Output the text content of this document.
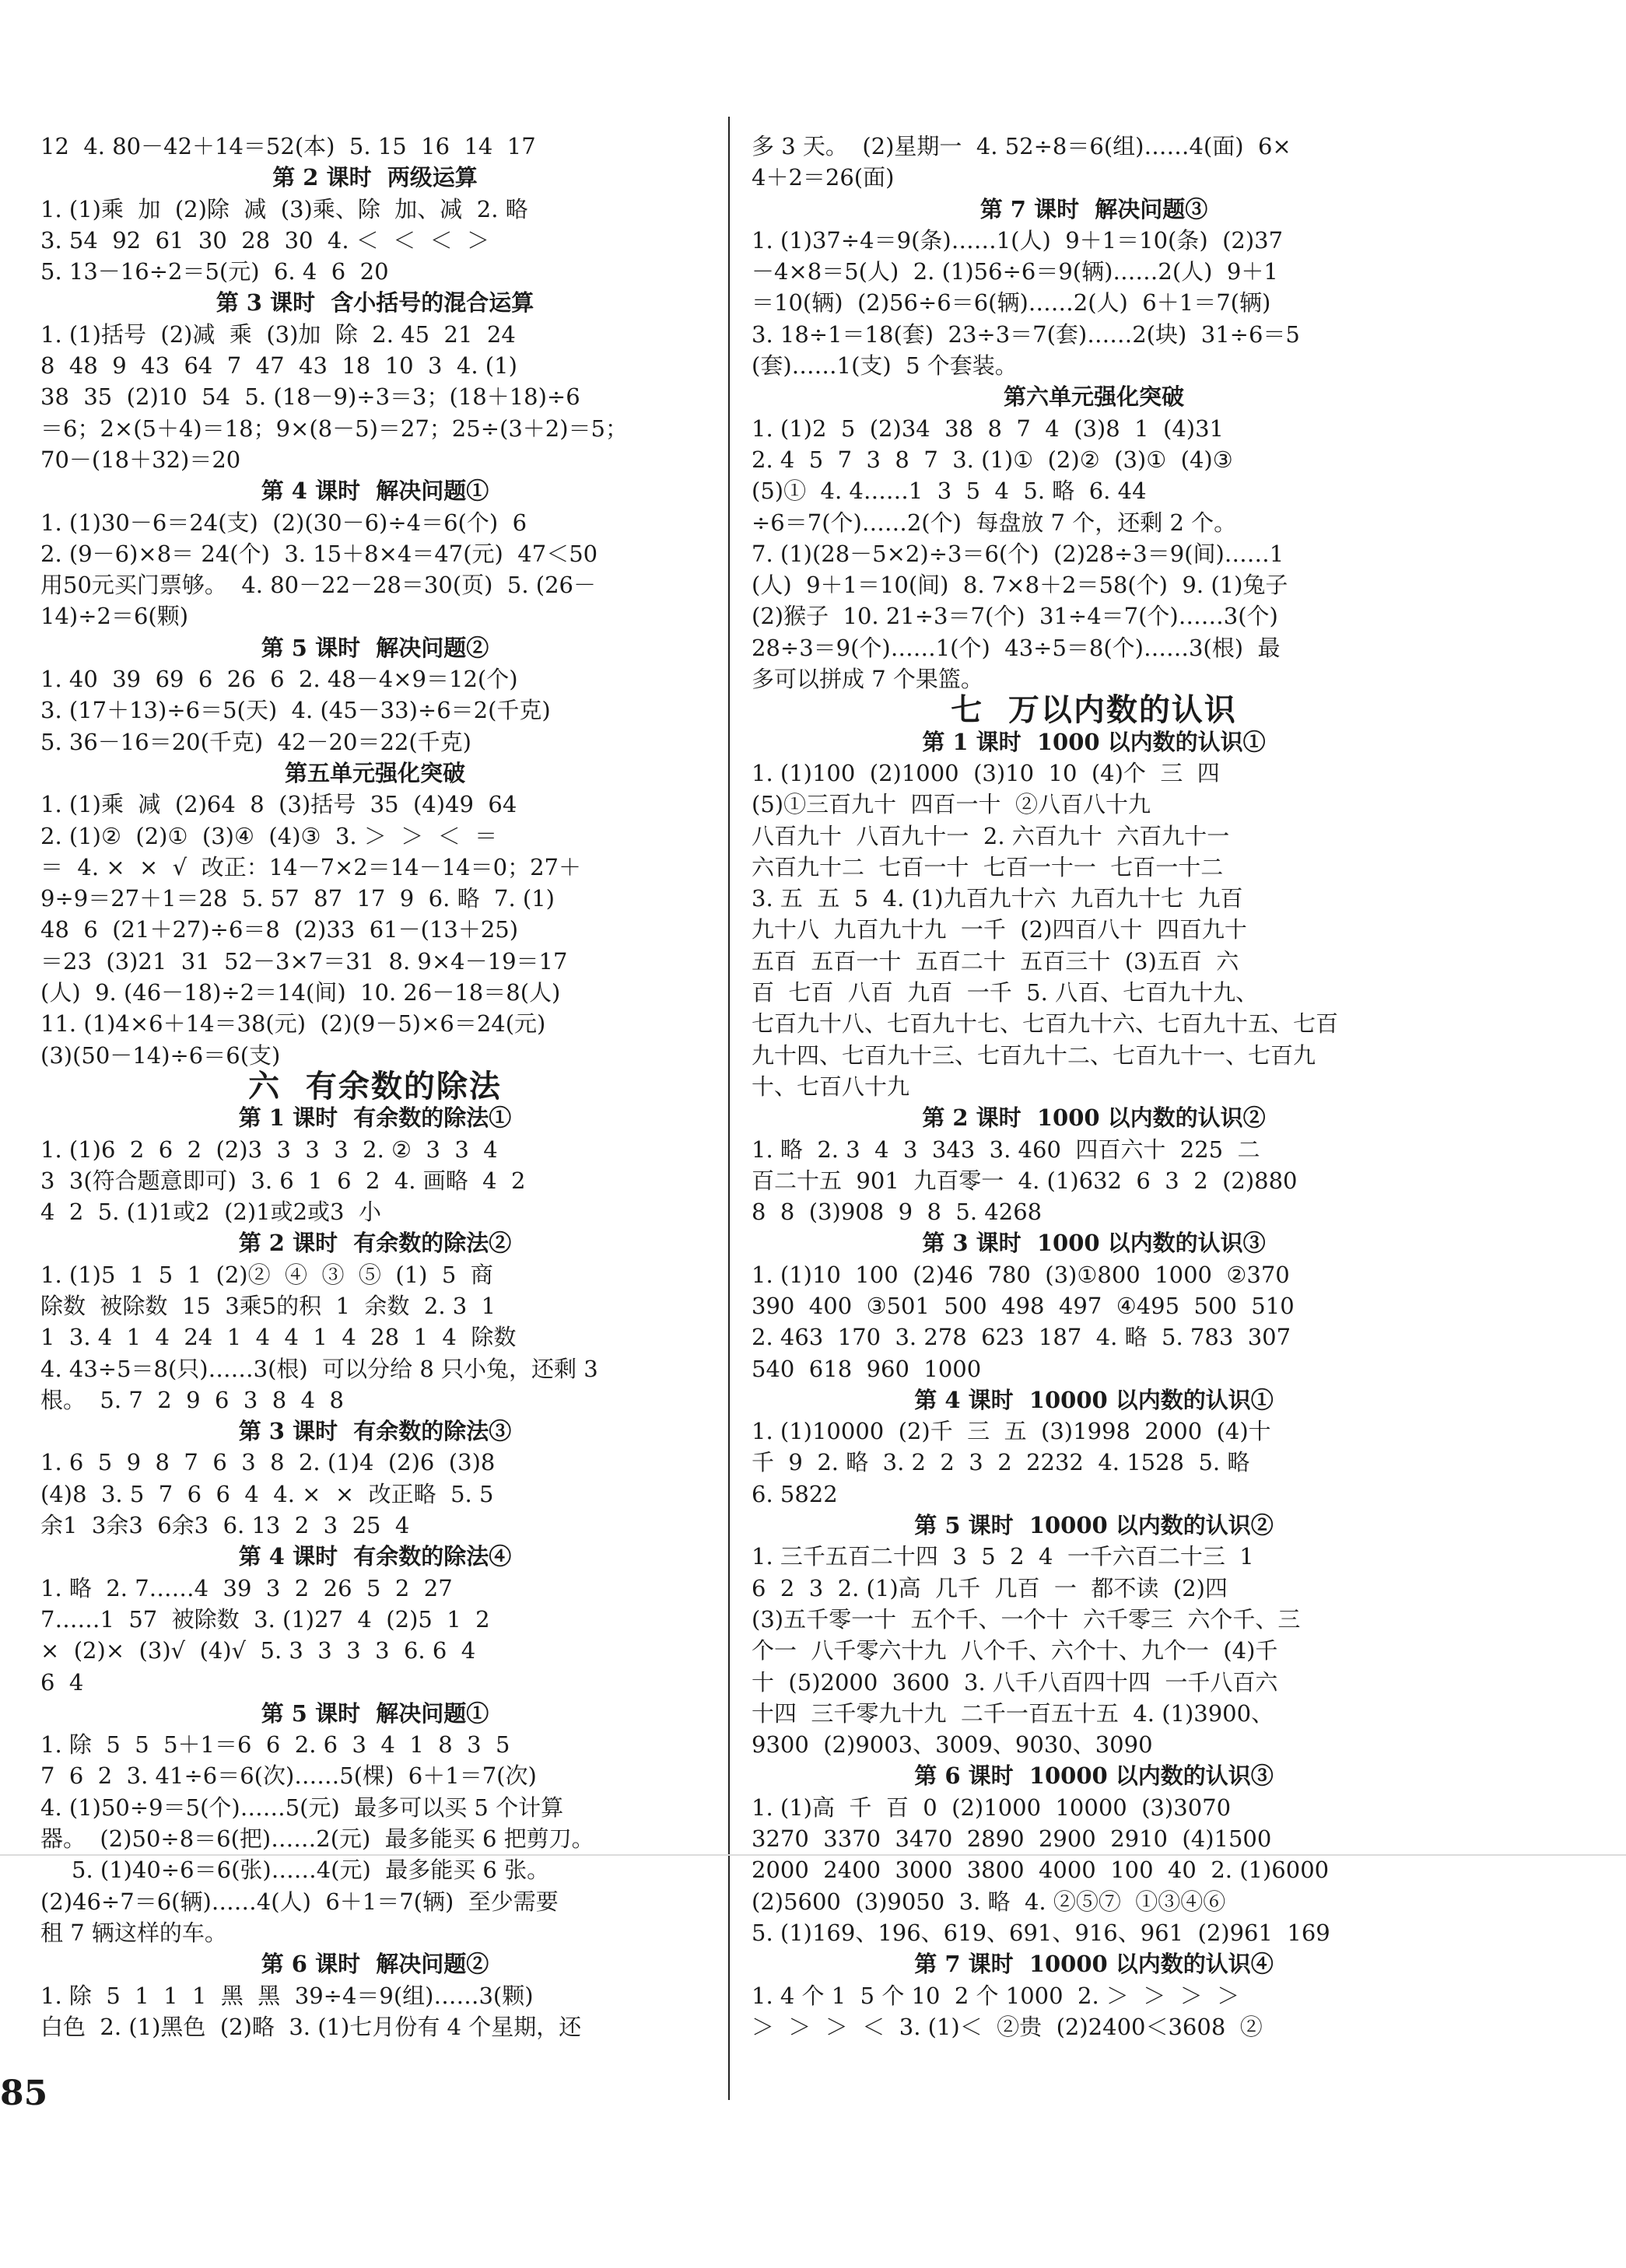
12  4. 80－42＋14＝52(本)  5. 15  16  14  17
第 2 课时  两级运算
1. (1)乘  加  (2)除  减  (3)乘、除  加、减  2. 略
3. 54  92  61  30  28  30  4. ＜  ＜  ＜  ＞
5. 13－16÷2＝5(元)  6. 4  6  20
第 3 课时  含小括号的混合运算
1. (1)括号  (2)减  乘  (3)加  除  2. 45  21  24
8  48  9  43  64  7  47  43  18  10  3  4. (1)
38  35  (2)10  54  5. (18－9)÷3＝3；(18＋18)÷6
＝6；2×(5＋4)＝18；9×(8－5)＝27；25÷(3＋2)＝5；
70－(18＋32)＝20
第 4 课时  解决问题①
1. (1)30－6＝24(支)  (2)(30－6)÷4＝6(个)  6
2. (9－6)×8＝ 24(个)  3. 15＋8×4＝47(元)  47＜50
用50元买门票够。  4. 80－22－28＝30(页)  5. (26－
14)÷2＝6(颗)
第 5 课时  解决问题②
1. 40  39  69  6  26  6  2. 48－4×9＝12(个)
3. (17＋13)÷6＝5(天)  4. (45－33)÷6＝2(千克)
5. 36－16＝20(千克)  42－20＝22(千克)
第五单元强化突破
1. (1)乘  减  (2)64  8  (3)括号  35  (4)49  64
2. (1)②  (2)①  (3)④  (4)③  3. ＞  ＞  ＜  ＝
＝  4. ×  ×  √  改正：14－7×2＝14－14＝0；27＋
9÷9＝27＋1＝28  5. 57  87  17  9  6. 略  7. (1)
48  6  (21＋27)÷6＝8  (2)33  61－(13＋25)
＝23  (3)21  31  52－3×7＝31  8. 9×4－19＝17
(人)  9. (46－18)÷2＝14(间)  10. 26－18＝8(人)
11. (1)4×6＋14＝38(元)  (2)(9－5)×6＝24(元)
(3)(50－14)÷6＝6(支)
六  有余数的除法
第 1 课时  有余数的除法①
1. (1)6  2  6  2  (2)3  3  3  3  2. ②  3  3  4
3  3(符合题意即可)  3. 6  1  6  2  4. 画略  4  2
4  2  5. (1)1或2  (2)1或2或3  小
第 2 课时  有余数的除法②
1. (1)5  1  5  1  (2)②  ④  ③  ⑤  (1)  5  商
除数  被除数  15  3乘5的积  1  余数  2. 3  1
1  3. 4  1  4  24  1  4  4  1  4  28  1  4  除数
4. 43÷5＝8(只)……3(根)  可以分给 8 只小兔，还剩 3
根。  5. 7  2  9  6  3  8  4  8
第 3 课时  有余数的除法③
1. 6  5  9  8  7  6  3  8  2. (1)4  (2)6  (3)8
(4)8  3. 5  7  6  6  4  4. ×  ×  改正略  5. 5
余1  3余3  6余3  6. 13  2  3  25  4
第 4 课时  有余数的除法④
1. 略  2. 7……4  39  3  2  26  5  2  27
7……1  57  被除数  3. (1)27  4  (2)5  1  2
×  (2)×  (3)√  (4)√  5. 3  3  3  3  6. 6  4
6  4
第 5 课时  解决问题①
1. 除  5  5  5＋1＝6  6  2. 6  3  4  1  8  3  5
7  6  2  3. 41÷6＝6(次)……5(棵)  6＋1＝7(次)
4. (1)50÷9＝5(个)……5(元)  最多可以买 5 个计算
器。  (2)50÷8＝6(把)……2(元)  最多能买 6 把剪刀。
5. (1)40÷6＝6(张)……4(元)  最多能买 6 张。
(2)46÷7＝6(辆)……4(人)  6＋1＝7(辆)  至少需要
租 7 辆这样的车。
第 6 课时  解决问题②
1. 除  5  1  1  1  黑  黑  39÷4＝9(组)……3(颗)
白色  2. (1)黑色  (2)略  3. (1)七月份有 4 个星期，还
多 3 天。  (2)星期一  4. 52÷8＝6(组)……4(面)  6×
4＋2＝26(面)
第 7 课时  解决问题③
1. (1)37÷4＝9(条)……1(人)  9＋1＝10(条)  (2)37
－4×8＝5(人)  2. (1)56÷6＝9(辆)……2(人)  9＋1
＝10(辆)  (2)56÷6＝6(辆)……2(人)  6＋1＝7(辆)
3. 18÷1＝18(套)  23÷3＝7(套)……2(块)  31÷6＝5
(套)……1(支)  5 个套装。
第六单元强化突破
1. (1)2  5  (2)34  38  8  7  4  (3)8  1  (4)31
2. 4  5  7  3  8  7  3. (1)①  (2)②  (3)①  (4)③
(5)①  4. 4……1  3  5  4  5. 略  6. 44
÷6＝7(个)……2(个)  每盘放 7 个，还剩 2 个。
7. (1)(28－5×2)÷3＝6(个)  (2)28÷3＝9(间)……1
(人)  9＋1＝10(间)  8. 7×8＋2＝58(个)  9. (1)兔子
(2)猴子  10. 21÷3＝7(个)  31÷4＝7(个)……3(个)
28÷3＝9(个)……1(个)  43÷5＝8(个)……3(根)  最
多可以拼成 7 个果篮。
七  万以内数的认识
第 1 课时  1000 以内数的认识①
1. (1)100  (2)1000  (3)10  10  (4)个  三  四
(5)①三百九十  四百一十  ②八百八十九
八百九十  八百九十一  2. 六百九十  六百九十一
六百九十二  七百一十  七百一十一  七百一十二
3. 五  五  5  4. (1)九百九十六  九百九十七  九百
九十八  九百九十九  一千  (2)四百八十  四百九十
五百  五百一十  五百二十  五百三十  (3)五百  六
百  七百  八百  九百  一千  5. 八百、七百九十九、
七百九十八、七百九十七、七百九十六、七百九十五、七百
九十四、七百九十三、七百九十二、七百九十一、七百九
十、七百八十九
第 2 课时  1000 以内数的认识②
1. 略  2. 3  4  3  343  3. 460  四百六十  225  二
百二十五  901  九百零一  4. (1)632  6  3  2  (2)880
8  8  (3)908  9  8  5. 4268
第 3 课时  1000 以内数的认识③
1. (1)10  100  (2)46  780  (3)①800  1000  ②370
390  400  ③501  500  498  497  ④495  500  510
2. 463  170  3. 278  623  187  4. 略  5. 783  307
540  618  960  1000
第 4 课时  10000 以内数的认识①
1. (1)10000  (2)千  三  五  (3)1998  2000  (4)十
千  9  2. 略  3. 2  2  3  2  2232  4. 1528  5. 略
6. 5822
第 5 课时  10000 以内数的认识②
1. 三千五百二十四  3  5  2  4  一千六百二十三  1
6  2  3  2. (1)高  几千  几百  一  都不读  (2)四
(3)五千零一十  五个千、一个十  六千零三  六个千、三
个一  八千零六十九  八个千、六个十、九个一  (4)千
十  (5)2000  3600  3. 八千八百四十四  一千八百六
十四  三千零九十九  二千一百五十五  4. (1)3900、
9300  (2)9003、3009、9030、3090
第 6 课时  10000 以内数的认识③
1. (1)高  千  百  0  (2)1000  10000  (3)3070
3270  3370  3470  2890  2900  2910  (4)1500
2000  2400  3000  3800  4000  100  40  2. (1)6000
(2)5600  (3)9050  3. 略  4. ②⑤⑦  ①③④⑥
5. (1)169、196、619、691、916、961  (2)961  169
第 7 课时  10000 以内数的认识④
1. 4 个 1  5 个 10  2 个 1000  2. ＞  ＞  ＞  ＞
＞  ＞  ＞  ＜  3. (1)＜  ②贵  (2)2400＜3608  ②
85
